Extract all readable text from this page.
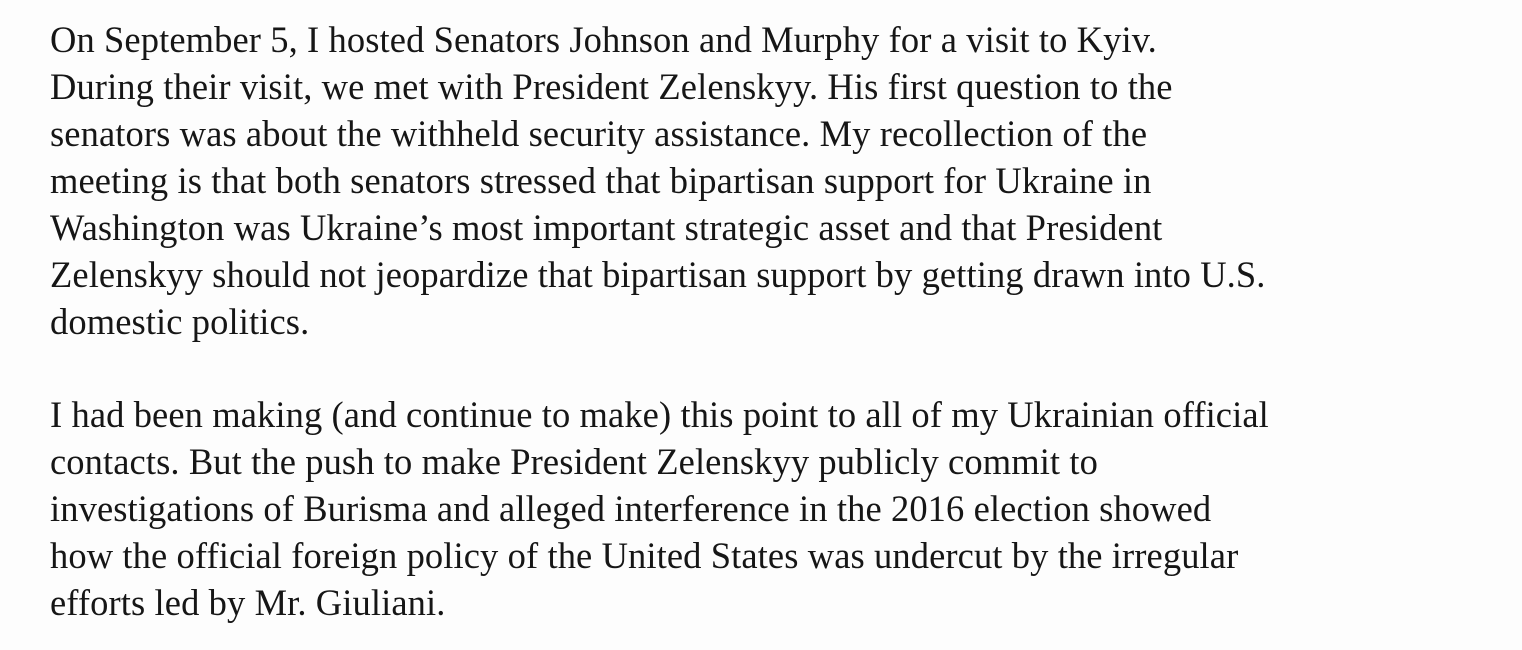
On September 5, I hosted Senators Johnson and Murphy for a visit to Kyiv.
During their visit, we met with President Zelenskyy. His first question to the
senators was about the withheld security assistance. My recollection of the
meeting is that both senators stressed that bipartisan support for Ukraine in
Washington was Ukraine’s most important strategic asset and that President
Zelenskyy should not jeopardize that bipartisan support by getting drawn into U.S.
domestic politics.

I had been making (and continue to make) this point to all of my Ukrainian official
contacts. But the push to make President Zelenskyy publicly commit to
investigations of Burisma and alleged interference in the 2016 election showed
how the official foreign policy of the United States was undercut by the irregular
efforts led by Mr. Giuliani.
